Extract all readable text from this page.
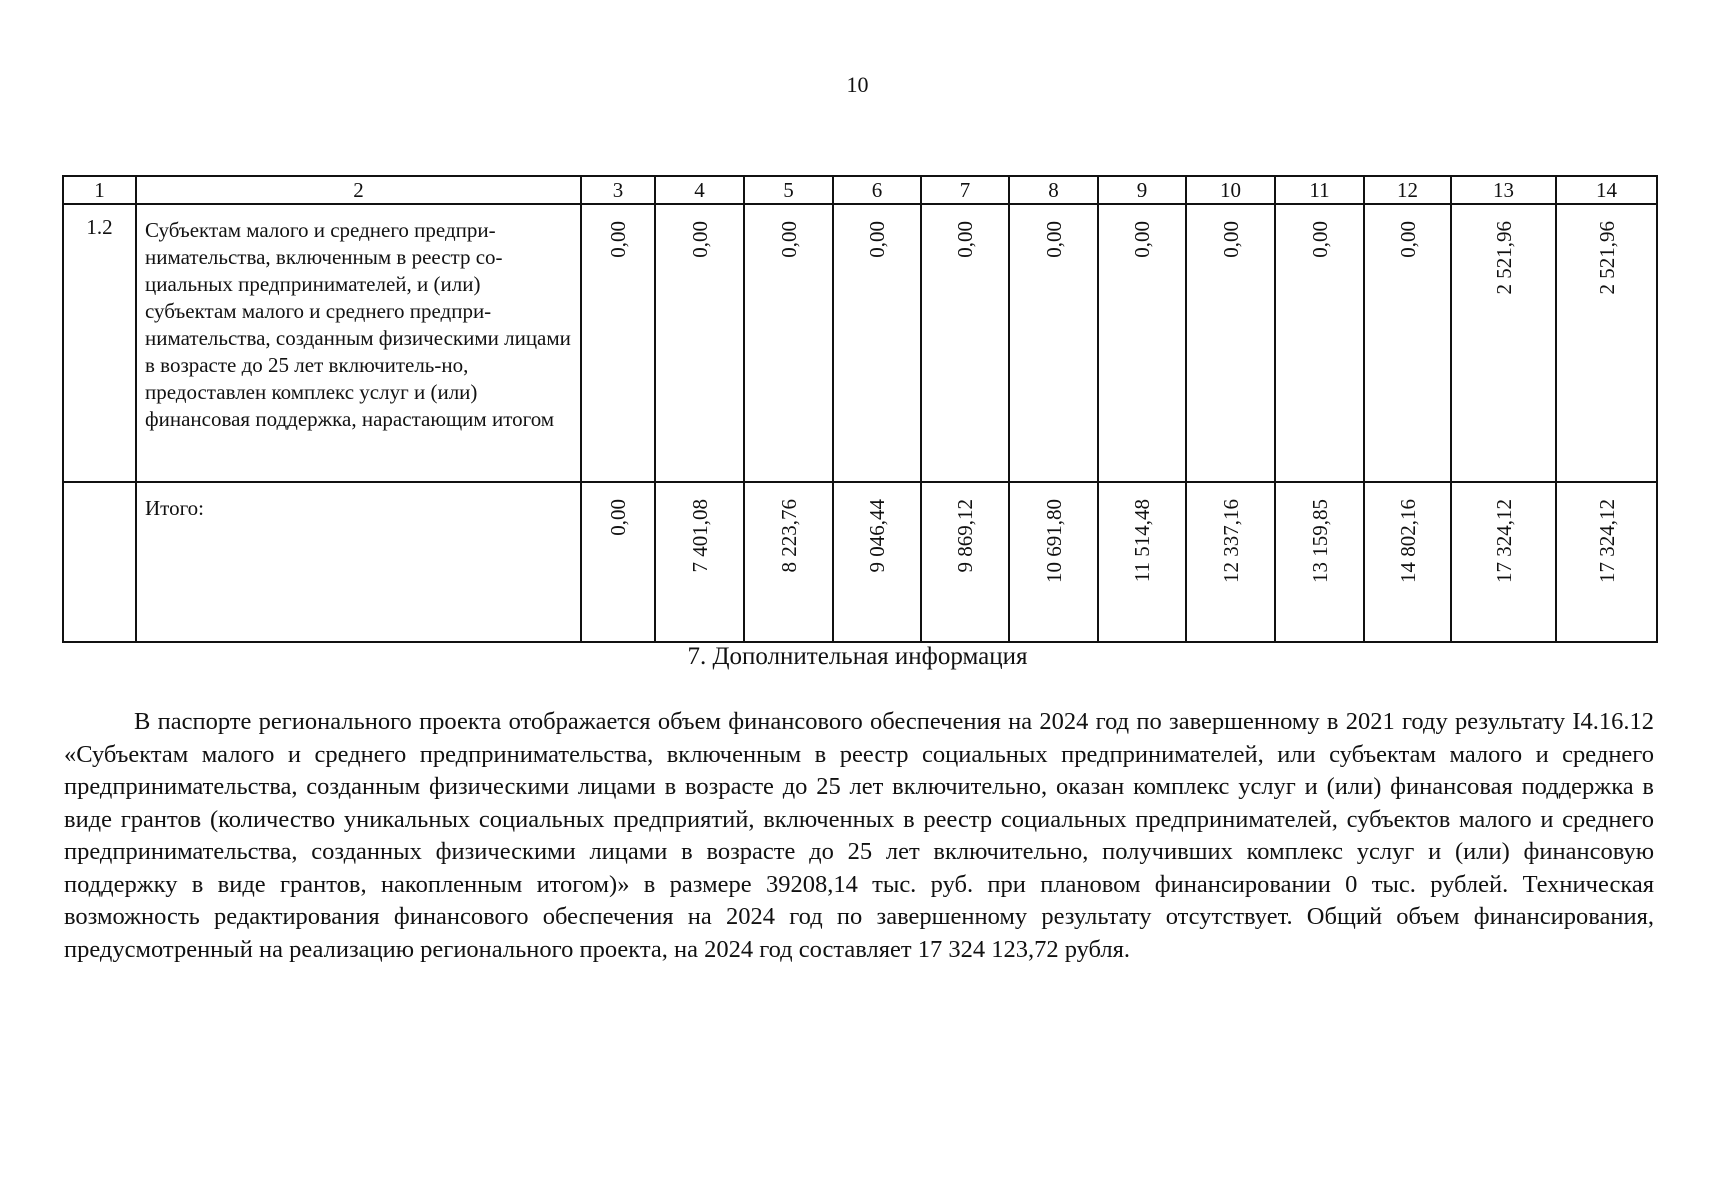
10
1	2	3	4	5	6	7	8	9	10	11	12	13	14
1.2	Субъектам малого и среднего предпри-нимательства, включенным в реестр со-циальных предпринимателей, и (или) субъектам малого и среднего предпри-нимательства, созданным физическими лицами в возрасте до 25 лет включитель-но, предоставлен комплекс услуг и (или) финансовая поддержка, нарастающим итогом	0,00	0,00	0,00	0,00	0,00	0,00	0,00	0,00	0,00	0,00	2 521,96	2 521,96

	Итого:	0,00	7 401,08	8 223,76	9 046,44	9 869,12	10 691,80	11 514,48	12 337,16	13 159,85	14 802,16	17 324,12	17 324,12
7. Дополнительная информация

В паспорте регионального проекта отображается объем финансового обеспечения на 2024 год по завершенному в 2021 году результату I4.16.12 «Субъектам малого и среднего предпринимательства, включенным в реестр социальных предпринимателей, или субъектам малого и среднего предпринимательства, созданным физическими лицами в возрасте до 25 лет включительно, оказан комплекс услуг и (или) финансовая поддержка в виде грантов (количество уникальных социальных предприятий, включенных в реестр социальных предпринимателей, субъектов малого и среднего предпринимательства, созданных физическими лицами в возрасте до 25 лет включительно, получивших комплекс услуг и (или) финансовую поддержку в виде грантов, накопленным итогом)» в размере 39208,14 тыс. руб. при плановом финансировании 0 тыс. рублей. Техническая возможность редактирования финансового обеспечения на 2024 год по завершенному результату отсутствует. Общий объем финансирования, предусмотренный на реализацию регионального проекта, на 2024 год составляет 17 324 123,72 рубля.
